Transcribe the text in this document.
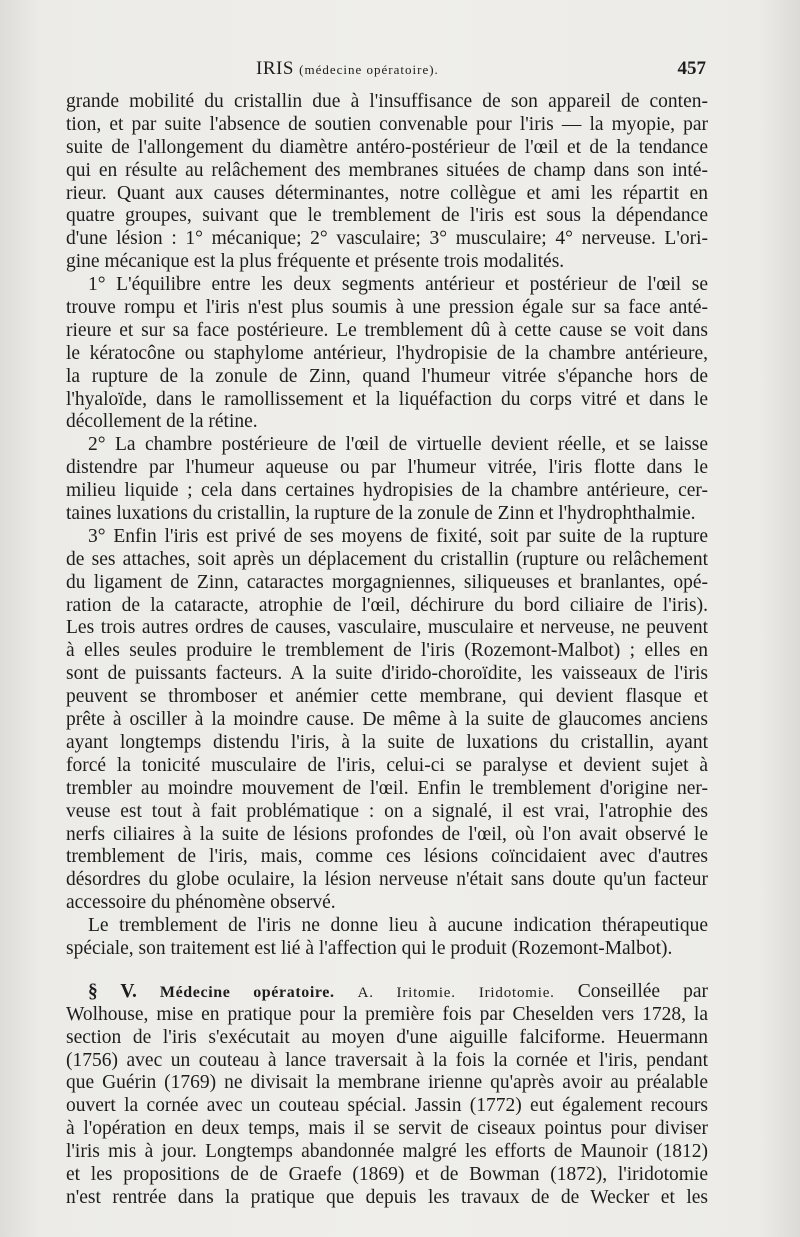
IRIS (médecine opératoire).	457
grande mobilité du cristallin due à l'insuffisance de son appareil de conten-
tion, et par suite l'absence de soutien convenable pour l'iris — la myopie, par
suite de l'allongement du diamètre antéro-postérieur de l'œil et de la tendance
qui en résulte au relâchement des membranes situées de champ dans son inté-
rieur. Quant aux causes déterminantes, notre collègue et ami les répartit en
quatre groupes, suivant que le tremblement de l'iris est sous la dépendance
d'une lésion : 1° mécanique; 2° vasculaire; 3° musculaire; 4° nerveuse. L'ori-
gine mécanique est la plus fréquente et présente trois modalités.
1° L'équilibre entre les deux segments antérieur et postérieur de l'œil se
trouve rompu et l'iris n'est plus soumis à une pression égale sur sa face anté-
rieure et sur sa face postérieure. Le tremblement dû à cette cause se voit dans
le kératocône ou staphylome antérieur, l'hydropisie de la chambre antérieure,
la rupture de la zonule de Zinn, quand l'humeur vitrée s'épanche hors de
l'hyaloïde, dans le ramollissement et la liquéfaction du corps vitré et dans le
décollement de la rétine.
2° La chambre postérieure de l'œil de virtuelle devient réelle, et se laisse
distendre par l'humeur aqueuse ou par l'humeur vitrée, l'iris flotte dans le
milieu liquide ; cela dans certaines hydropisies de la chambre antérieure, cer-
taines luxations du cristallin, la rupture de la zonule de Zinn et l'hydrophthalmie.
3° Enfin l'iris est privé de ses moyens de fixité, soit par suite de la rupture
de ses attaches, soit après un déplacement du cristallin (rupture ou relâchement
du ligament de Zinn, cataractes morgagniennes, siliqueuses et branlantes, opé-
ration de la cataracte, atrophie de l'œil, déchirure du bord ciliaire de l'iris).
Les trois autres ordres de causes, vasculaire, musculaire et nerveuse, ne peuvent
à elles seules produire le tremblement de l'iris (Rozemont-Malbot) ; elles en
sont de puissants facteurs. A la suite d'irido-choroïdite, les vaisseaux de l'iris
peuvent se thromboser et anémier cette membrane, qui devient flasque et
prête à osciller à la moindre cause. De même à la suite de glaucomes anciens
ayant longtemps distendu l'iris, à la suite de luxations du cristallin, ayant
forcé la tonicité musculaire de l'iris, celui-ci se paralyse et devient sujet à
trembler au moindre mouvement de l'œil. Enfin le tremblement d'origine ner-
veuse est tout à fait problématique : on a signalé, il est vrai, l'atrophie des
nerfs ciliaires à la suite de lésions profondes de l'œil, où l'on avait observé le
tremblement de l'iris, mais, comme ces lésions coïncidaient avec d'autres
désordres du globe oculaire, la lésion nerveuse n'était sans doute qu'un facteur
accessoire du phénomène observé.
Le tremblement de l'iris ne donne lieu à aucune indication thérapeutique
spéciale, son traitement est lié à l'affection qui le produit (Rozemont-Malbot).
§ V. Médecine opératoire. A. Iritomie. Iridotomie. Conseillée par
Wolhouse, mise en pratique pour la première fois par Cheselden vers 1728, la
section de l'iris s'exécutait au moyen d'une aiguille falciforme. Heuermann
(1756) avec un couteau à lance traversait à la fois la cornée et l'iris, pendant
que Guérin (1769) ne divisait la membrane irienne qu'après avoir au préalable
ouvert la cornée avec un couteau spécial. Jassin (1772) eut également recours
à l'opération en deux temps, mais il se servit de ciseaux pointus pour diviser
l'iris mis à jour. Longtemps abandonnée malgré les efforts de Maunoir (1812)
et les propositions de de Graefe (1869) et de Bowman (1872), l'iridotomie
n'est rentrée dans la pratique que depuis les travaux de de Wecker et les
